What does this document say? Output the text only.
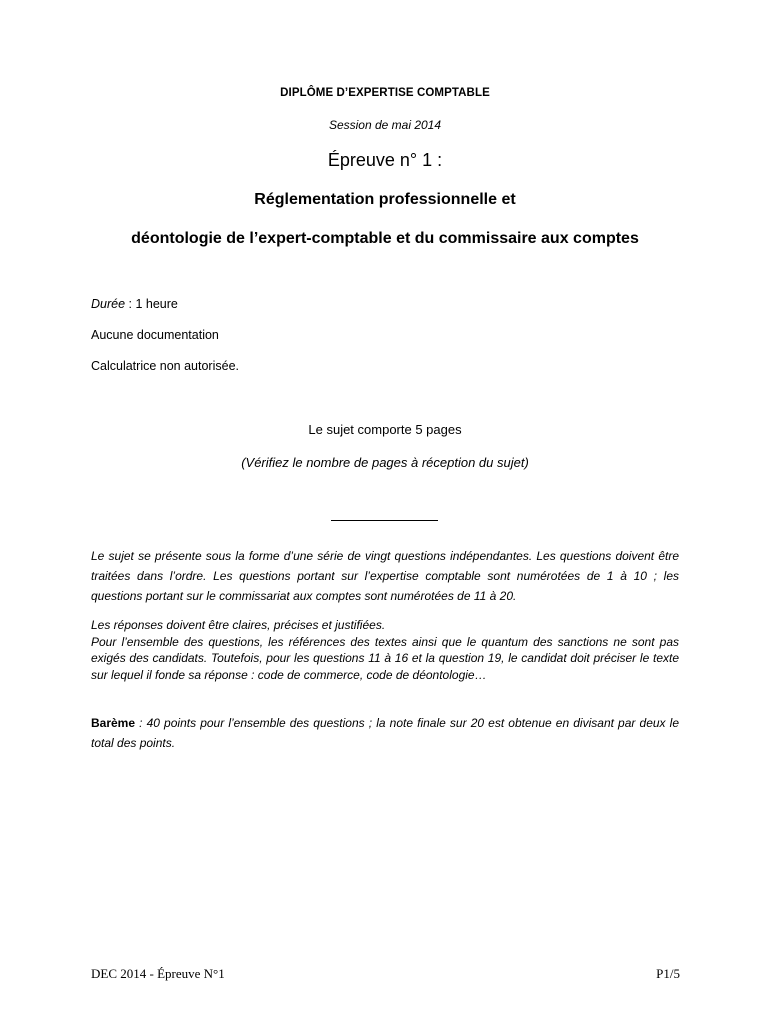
DIPLÔME D’EXPERTISE COMPTABLE
Session de mai 2014
Épreuve n° 1 :
Réglementation professionnelle et
déontologie de l’expert-comptable et du commissaire aux comptes
Durée : 1 heure
Aucune documentation
Calculatrice non autorisée.
Le sujet comporte 5 pages
(Vérifiez le nombre de pages à réception du sujet)
Le sujet se présente sous la forme d’une série de vingt questions indépendantes. Les questions doivent être traitées dans l’ordre. Les questions portant sur l’expertise comptable sont numérotées de 1 à 10 ; les questions portant sur le commissariat aux comptes sont numérotées de 11 à 20.
Les réponses doivent être claires, précises et justifiées.
Pour l’ensemble des questions, les références des textes ainsi que le quantum des sanctions ne sont pas exigés des candidats. Toutefois, pour les questions 11 à 16 et la question 19, le candidat doit préciser le texte sur lequel il fonde sa réponse : code de commerce, code de déontologie…
Barème : 40 points pour l’ensemble des questions ; la note finale sur 20 est obtenue en divisant par deux le total des points.
DEC 2014 - Épreuve N°1	P1/5
